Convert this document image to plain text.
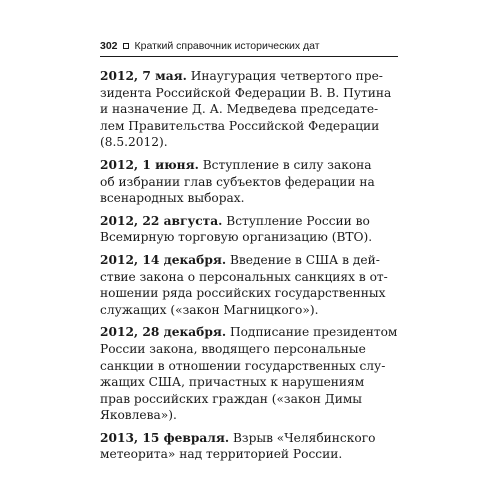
302 Краткий справочник исторических дат

2012, 7 мая. Инаугурация четвертого пре-
зидента Российской Федерации В. В. Путина
и назначение Д. А. Медведева председате-
лем Правительства Российской Федерации
(8.5.2012).

2012, 1 июня. Вступление в силу закона
об избрании глав субъектов федерации на
всенародных выборах.

2012, 22 августа. Вступление России во
Всемирную торговую организацию (ВТО).

2012, 14 декабря. Введение в США в дей-
ствие закона о персональных санкциях в от-
ношении ряда российских государственных
служащих («закон Магницкого»).

2012, 28 декабря. Подписание президентом
России закона, вводящего персональные
санкции в отношении государственных слу-
жащих США, причастных к нарушениям
прав российских граждан («закон Димы
Яковлева»).

2013, 15 февраля. Взрыв «Челябинского
метеорита» над территорией России.
